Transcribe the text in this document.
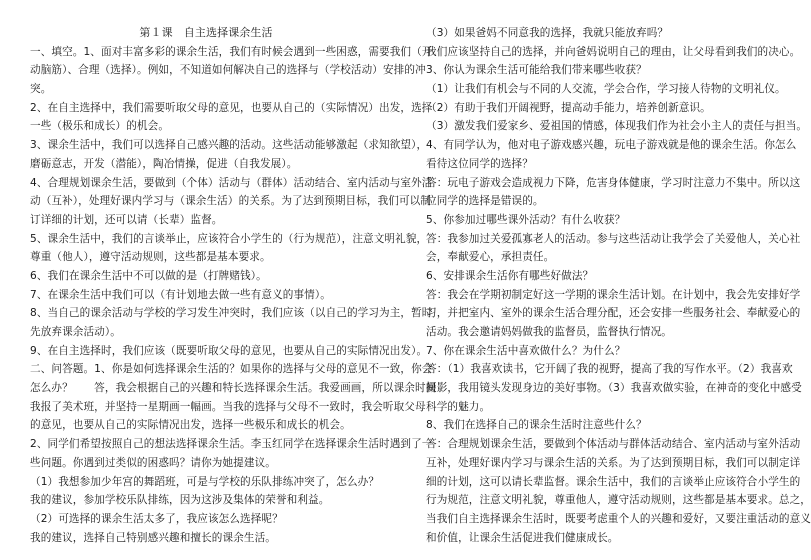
第１课　自主选择课余生活
一、填空。1、面对丰富多彩的课余生活，我们有时候会遇到一些困惑，需要我们（开
动脑筋）、合理（选择）。例如，不知道如何解决自己的选择与（学校活动）安排的冲
突。
2、在自主选择中，我们需要听取父母的意见，也要从自己的（实际情况）出发，选择
一些（极乐和成长）的机会。
3、课余生活中，我们可以选择自己感兴趣的活动。这些活动能够激起（求知欲望），
磨砺意志，开发（潜能），陶冶情操，促进（自我发展）。
4、合理规划课余生活，要做到（个体）活动与（群体）活动结合、室内活动与室外活
动（互补），处理好课内学习与（课余生活）的关系。为了达到预期目标，我们可以制
订详细的计划，还可以请（长辈）监督。
5、课余生活中，我们的言谈举止，应该符合小学生的（行为规范），注意文明礼貌，
尊重（他人），遵守活动规则，这些都是基本要求。
6、我们在课余生活中不可以做的是（打牌赌钱）。
7、在课余生活中我们可以（有计划地去做一些有意义的事情）。
8、当自己的课余活动与学校的学习发生冲突时，我们应该（以自己的学习为主，暂时
先放弃课余活动）。
9、在自主选择时，我们应该（既要听取父母的意见，也要从自己的实际情况出发）。
二、问答题。1、你是如何选择课余生活的？如果你的选择与父母的意见不一致，你会
怎么办？　　答，我会根据自己的兴趣和特长选择课余生活。我爱画画，所以课余时间
我报了美术班，并坚持一星期画一幅画。当我的选择与父母不一致时，我会听取父母
的意见，也要从自己的实际情况出发，选择一些极乐和成长的机会。
2、同学们希望按照自己的想法选择课余生活。李玉红同学在选择课余生活时遇到了一
些问题。你遇到过类似的困惑吗？请你为她提建议。
（1）我想参加少年宫的舞蹈班，可是与学校的乐队排练冲突了，怎么办？
我的建议，参加学校乐队排练，因为这涉及集体的荣誉和利益。
（2）可选择的课余生活太多了，我应该怎么选择呢？
我的建议，选择自己特别感兴趣和擅长的课余生活。
（3）如果爸妈不同意我的选择，我就只能放弃吗？
我们应该坚持自己的选择，并向爸妈说明自己的理由，让父母看到我们的决心。
3、你认为课余生活可能给我们带来哪些收获？
（1）让我们有机会与不同的人交流，学会合作，学习接人待物的文明礼仪。
（2）有助于我们开阔视野，提高动手能力，培养创新意识。
（3）激发我们爱家乡、爱祖国的情感，体现我们作为社会小主人的责任与担当。
4、有同学认为，他对电子游戏感兴趣，玩电子游戏就是他的课余生活。你怎么
看待这位同学的选择？
答：玩电子游戏会造成视力下降，危害身体健康，学习时注意力不集中。所以这
位同学的选择是错误的。
5、你参加过哪些课外活动？有什么收获？
答：我参加过关爱孤寡老人的活动。参与这些活动让我学会了关爱他人，关心社
会，奉献爱心，承担责任。
6、安排课余生活你有哪些好做法？
答：我会在学期初制定好这一学期的课余生活计划。在计划中，我会先安排好学
习，并把室内、室外的课余生活合理分配，还会安排一些服务社会、奉献爱心的
活动。我会邀请妈妈做我的监督员，监督执行情况。
7、你在课余生活中喜欢做什么？为什么？
答：（1）我喜欢读书，它开阔了我的视野，提高了我的写作水平。（2）我喜欢
摄影，我用镜头发现身边的美好事物。（3）我喜欢做实验，在神奇的变化中感受
科学的魅力。
8、我们在选择自己的课余生活时注意些什么？
答：合理规划课余生活，要做到个体活动与群体活动结合、室内活动与室外活动
互补，处理好课内学习与课余生活的关系。为了达到预期目标，我们可以制定详
细的计划，这可以请长辈监督。课余生活中，我们的言谈举止应该符合小学生的
行为规范，注意文明礼貌，尊重他人，遵守活动规则，这些都是基本要求。总之，
当我们自主选择课余生活时，既要考虑重个人的兴趣和爱好，又要注重活动的意义
和价值，让课余生活促进我们健康成长。
